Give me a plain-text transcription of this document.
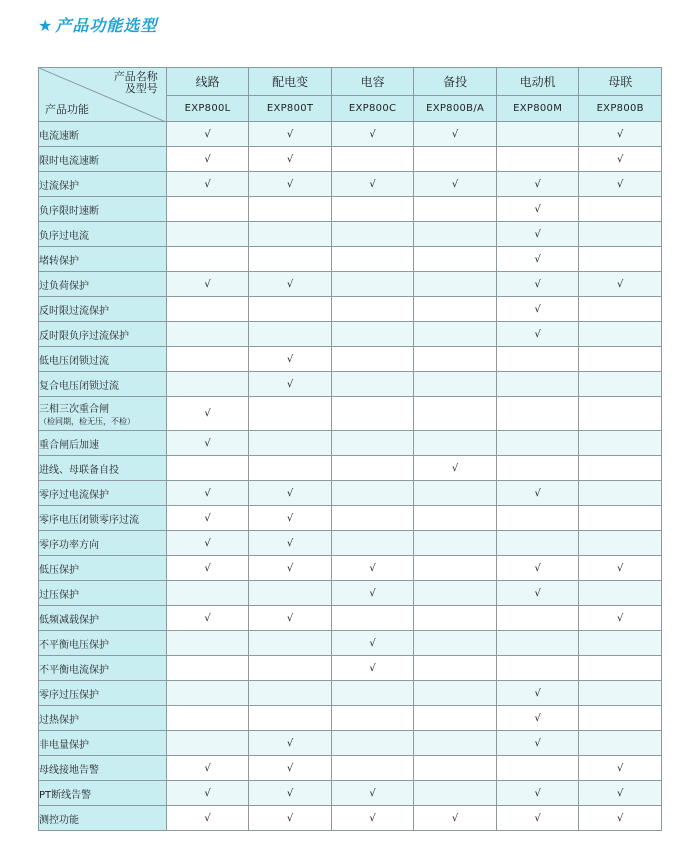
★ 产品功能选型
产品名称
及型号
产品功能	线路	配电变	电容	备投	电动机	母联
	EXP800L	EXP800T	EXP800C	EXP800B/A	EXP800M	EXP800B
电流速断	√	√	√	√		√
限时电流速断	√	√				√
过流保护	√	√	√	√	√	√
负序限时速断					√	
负序过电流					√	
堵转保护					√	
过负荷保护	√	√			√	√
反时限过流保护					√	
反时限负序过流保护					√	
低电压闭锁过流		√				
复合电压闭锁过流		√				
三相三次重合闸
（检同期，检无压，不检）	√					
重合闸后加速	√					
进线、母联备自投				√		
零序过电流保护	√	√			√	
零序电压闭锁零序过流	√	√				
零序功率方向	√	√				
低压保护	√	√	√		√	√
过压保护			√		√	
低频减载保护	√	√				√
不平衡电压保护			√			
不平衡电流保护			√			
零序过压保护					√	
过热保护					√	
非电量保护		√			√	
母线接地告警	√	√				√
PT断线告警	√	√	√		√	√
测控功能	√	√	√	√	√	√
